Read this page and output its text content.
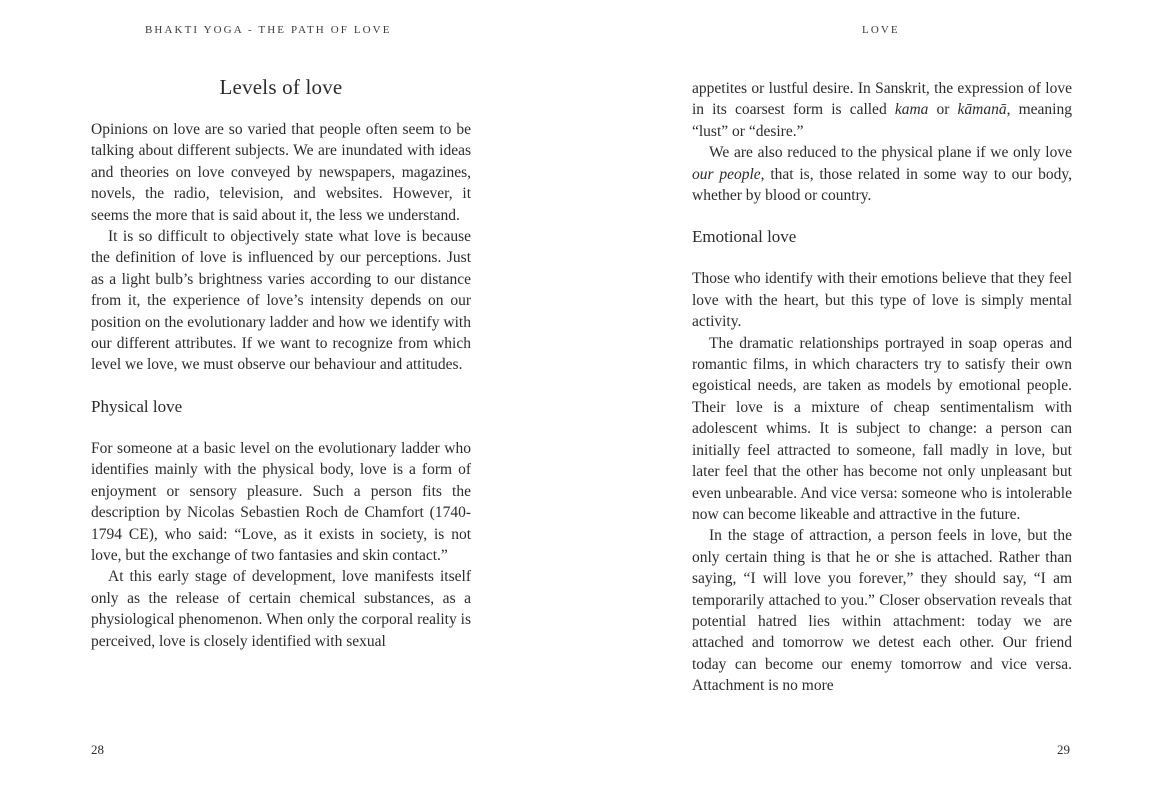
BHAKTI YOGA - THE PATH OF LOVE
Levels of love

Opinions on love are so varied that people often seem to be talking about different subjects. We are inundated with ideas and theories on love conveyed by newspapers, magazines, novels, the radio, television, and websites. However, it seems the more that is said about it, the less we understand.

It is so difficult to objectively state what love is because the definition of love is influenced by our perceptions. Just as a light bulb’s brightness varies according to our distance from it, the experience of love’s intensity depends on our position on the evolutionary ladder and how we identify with our different attributes. If we want to recognize from which level we love, we must observe our behaviour and attitudes.

Physical love

For someone at a basic level on the evolutionary ladder who identifies mainly with the physical body, love is a form of enjoyment or sensory pleasure. Such a person fits the description by Nicolas Sebastien Roch de Chamfort (1740-1794 CE), who said: “Love, as it exists in society, is not love, but the exchange of two fantasies and skin contact.”

At this early stage of development, love manifests itself only as the release of certain chemical substances, as a physiological phenomenon. When only the corporal reality is perceived, love is closely identified with sexual

28
LOVE

appetites or lustful desire. In Sanskrit, the expression of love in its coarsest form is called kama or kāmanā, meaning “lust” or “desire.”

We are also reduced to the physical plane if we only love our people, that is, those related in some way to our body, whether by blood or country.

Emotional love

Those who identify with their emotions believe that they feel love with the heart, but this type of love is simply mental activity.

The dramatic relationships portrayed in soap operas and romantic films, in which characters try to satisfy their own egoistical needs, are taken as models by emotional people. Their love is a mixture of cheap sentimentalism with adolescent whims. It is subject to change: a person can initially feel attracted to someone, fall madly in love, but later feel that the other has become not only unpleasant but even unbearable. And vice versa: someone who is intolerable now can become likeable and attractive in the future.

In the stage of attraction, a person feels in love, but the only certain thing is that he or she is attached. Rather than saying, “I will love you forever,” they should say, “I am temporarily attached to you.” Closer observation reveals that potential hatred lies within attachment: today we are attached and tomorrow we detest each other. Our friend today can become our enemy tomorrow and vice versa. Attachment is no more

29
